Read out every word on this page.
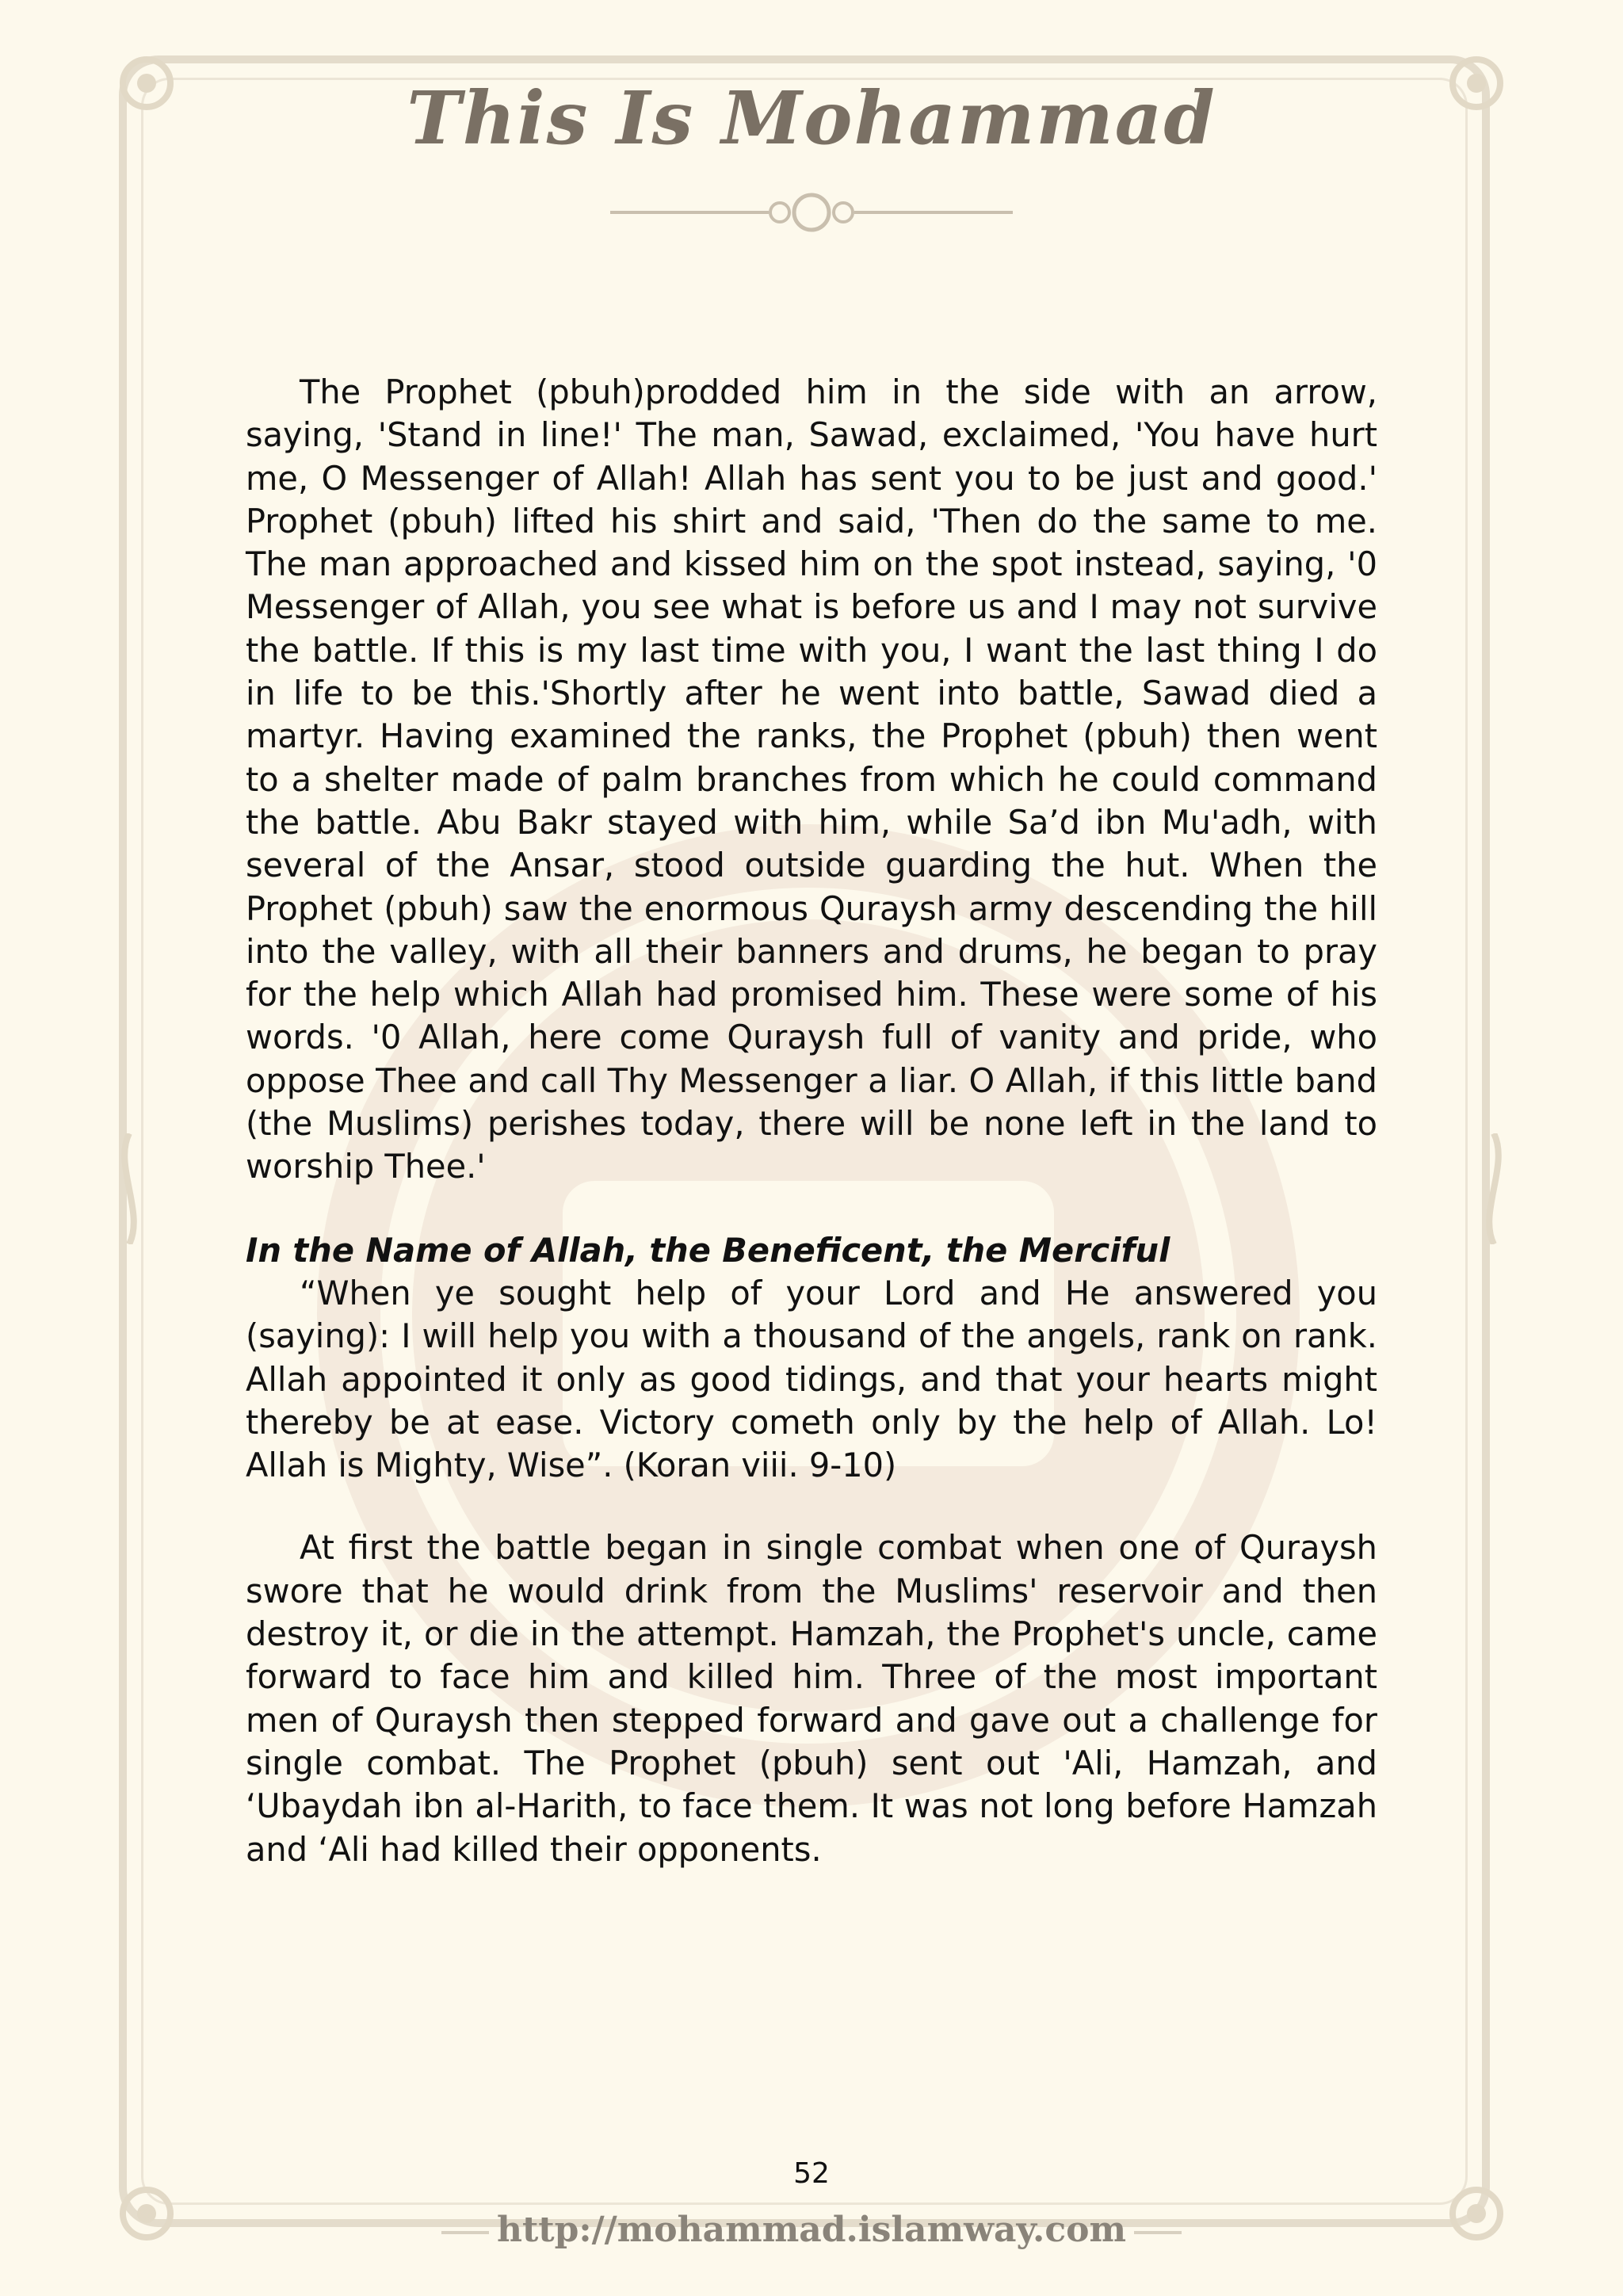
This Is Mohammad

The Prophet (pbuh)prodded him in the side with an arrow, saying, 'Stand in line!' The man, Sawad, exclaimed, 'You have hurt me, O Messenger of Allah! Allah has sent you to be just and good.' Prophet (pbuh) lifted his shirt and said, 'Then do the same to me. The man approached and kissed him on the spot instead, saying, '0 Messenger of Allah, you see what is before us and I may not survive the battle. If this is my last time with you, I want the last thing I do in life to be this.'Shortly after he went into battle, Sawad died a martyr. Having examined the ranks, the Prophet (pbuh) then went to a shelter made of palm branches from which he could command the battle. Abu Bakr stayed with him, while Sa’d ibn Mu'adh, with several of the Ansar, stood outside guarding the hut. When the Prophet (pbuh) saw the enormous Quraysh army descending the hill into the valley, with all their banners and drums, he began to pray for the help which Allah had promised him. These were some of his words. '0 Allah, here come Quraysh full of vanity and pride, who oppose Thee and call Thy Messenger a liar. O Allah, if this little band (the Muslims) perishes today, there will be none left in the land to worship Thee.'

In the Name of Allah, the Beneficent, the Merciful

“When ye sought help of your Lord and He answered you (saying): I will help you with a thousand of the angels, rank on rank. Allah appointed it only as good tidings, and that your hearts might thereby be at ease. Victory cometh only by the help of Allah. Lo! Allah is Mighty, Wise”. (Koran viii. 9-10)

At first the battle began in single combat when one of Quraysh swore that he would drink from the Muslims' reservoir and then destroy it, or die in the attempt. Hamzah, the Prophet's uncle, came forward to face him and killed him. Three of the most important men of Quraysh then stepped forward and gave out a challenge for single combat. The Prophet (pbuh) sent out 'Ali, Hamzah, and ‘Ubaydah ibn al-Harith, to face them. It was not long before Hamzah and ‘Ali had killed their opponents.

52
http://mohammad.islamway.com
